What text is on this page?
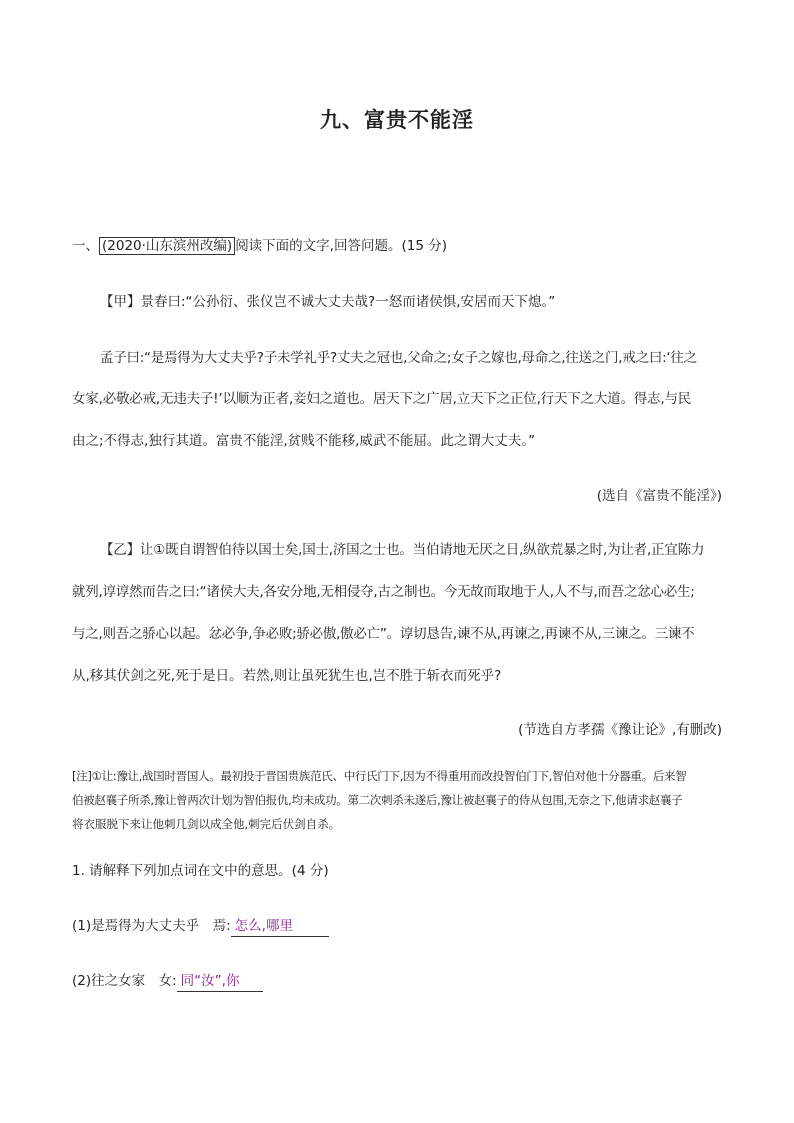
九、富贵不能淫
一、 (2020·山东滨州改编) 阅读下面的文字,回答问题。(15 分)
【甲】景春曰:“公孙衍、张仪岂不诚大丈夫哉?一怒而诸侯惧,安居而天下熄。”
孟子曰:“是焉得为大丈夫乎?子未学礼乎?丈夫之冠也,父命之;女子之嫁也,母命之,往送之门,戒之曰:‘往之
女家,必敬必戒,无违夫子!’以顺为正者,妾妇之道也。居天下之广居,立天下之正位,行天下之大道。得志,与民
由之;不得志,独行其道。富贵不能淫,贫贱不能移,威武不能屈。此之谓大丈夫。”
(选自《富贵不能淫》)
【乙】让①既自谓智伯待以国士矣,国士,济国之士也。当伯请地无厌之日,纵欲荒暴之时,为让者,正宜陈力
就列,谆谆然而告之曰:“诸侯大夫,各安分地,无相侵夺,古之制也。今无故而取地于人,人不与,而吾之忿心必生;
与之,则吾之骄心以起。忿必争,争必败;骄必傲,傲必亡”。谆切恳告,谏不从,再谏之,再谏不从,三谏之。三谏不
从,移其伏剑之死,死于是日。若然,则让虽死犹生也,岂不胜于斩衣而死乎?
(节选自方孝孺《豫让论》,有删改)
[注]①让:豫让,战国时晋国人。最初投于晋国贵族范氏、中行氏门下,因为不得重用而改投智伯门下,智伯对他十分器重。后来智
伯被赵襄子所杀,豫让曾两次计划为智伯报仇,均未成功。第二次刺杀未遂后,豫让被赵襄子的侍从包围,无奈之下,他请求赵襄子
将衣服脱下来让他刺几剑以成全他,刺完后伏剑自杀。
1. 请解释下列加点词在文中的意思。(4 分)
(1)是焉得为大丈夫乎　焉: 怎么,哪里
(2)往之女家　女: 同“汝”,你
